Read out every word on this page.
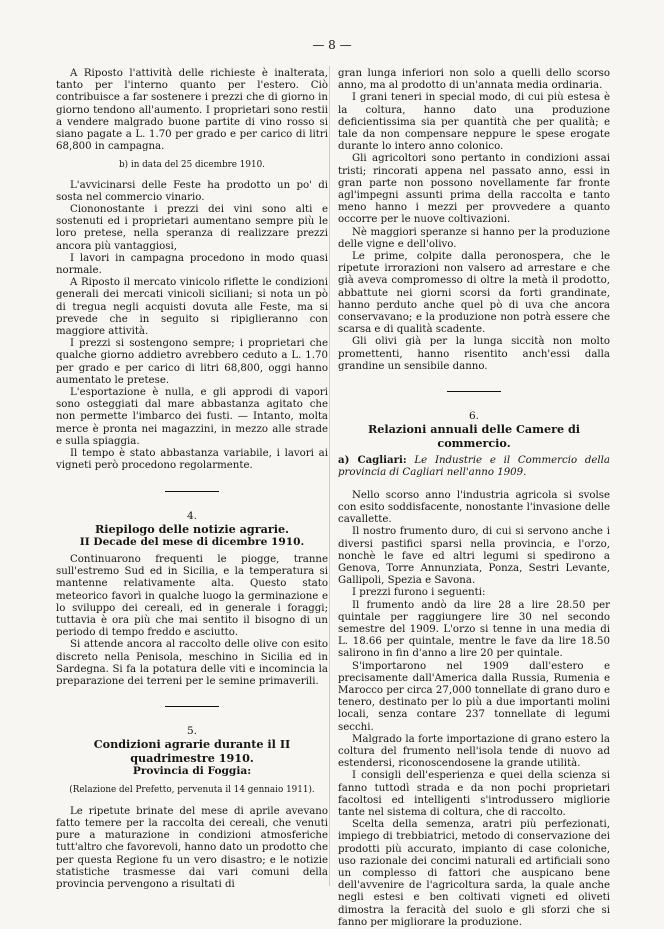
— 8 —

A Riposto l'attività delle richieste è inalterata, tanto per l'interno quanto per l'estero. Ciò contribuisce a far sostenere i prezzi che di giorno in giorno tendono all'aumento. I proprietari sono restii a vendere malgrado buone partite di vino rosso si siano pagate a L. 1.70 per grado e per carico di litri 68,800 in campagna.

b) in data del 25 dicembre 1910.

L'avvicinarsi delle Feste ha prodotto un po' di sosta nel commercio vinario.

Ciononostante i prezzi dei vini sono alti e sostenuti ed i proprietari aumentano sempre più le loro pretese, nella speranza di realizzare prezzi ancora più vantaggiosi,

I lavori in campagna procedono in modo quasi normale.

A Riposto il mercato vinicolo riflette le condizioni generali dei mercati vinicoli siciliani; si nota un pò di tregua negli acquisti dovuta alle Feste, ma si prevede che in seguito si ripiglieranno con maggiore attività.

I prezzi si sostengono sempre; i proprietari che qualche giorno addietro avrebbero ceduto a L. 1.70 per grado e per carico di litri 68,800, oggi hanno aumentato le pretese.

L'esportazione è nulla, e gli approdi di vapori sono osteggiati dal mare abbastanza agitato che non permette l'imbarco dei fusti. — Intanto, molta merce è pronta nei magazzini, in mezzo alle strade e sulla spiaggia.

Il tempo è stato abbastanza variabile, i lavori ai vigneti però procedono regolarmente.

4.

Riepilogo delle notizie agrarie.

II Decade del mese di dicembre 1910.

Continuarono frequenti le piogge, tranne sull'estremo Sud ed in Sicilia, e la temperatura si mantenne relativamente alta. Questo stato meteorico favorì in qualche luogo la germinazione e lo sviluppo dei cereali, ed in generale i foraggi; tuttavia è ora più che mai sentito il bisogno di un periodo di tempo freddo e asciutto.

Si attende ancora al raccolto delle olive con esito discreto nella Penisola, meschino in Sicilia ed in Sardegna. Si fa la potatura delle viti e incomincia la preparazione dei terreni per le semine primaverili.

5.

Condizioni agrarie durante il II quadrimestre 1910.

Provincia di Foggia:

(Relazione del Prefetto, pervenuta il 14 gennaio 1911).

Le ripetute brinate del mese di aprile avevano fatto temere per la raccolta dei cereali, che venuti pure a maturazione in condizioni atmosferiche tutt'altro che favorevoli, hanno dato un prodotto che per questa Regione fu un vero disastro; e le notizie statistiche trasmesse dai vari comuni della provincia pervengono a risultati di

gran lunga inferiori non solo a quelli dello scorso anno, ma al prodotto di un'annata media ordinaria.

I grani teneri in special modo, di cui più estesa è la coltura, hanno dato una produzione deficientissima sia per quantità che per qualità; e tale da non compensare neppure le spese erogate durante lo intero anno colonico.

Gli agricoltori sono pertanto in condizioni assai tristi; rincorati appena nel passato anno, essi in gran parte non possono novellamente far fronte agl'impegni assunti prima della raccolta e tanto meno hanno i mezzi per provvedere a quanto occorre per le nuove coltivazioni.

Nè maggiori speranze si hanno per la produzione delle vigne e dell'olivo.

Le prime, colpite dalla peronospera, che le ripetute irrorazioni non valsero ad arrestare e che già aveva compromesso di oltre la metà il prodotto, abbattute nei giorni scorsi da forti grandinate, hanno perduto anche quel pò di uva che ancora conservavano; e la produzione non potrà essere che scarsa e di qualità scadente.

Gli olivi già per la lunga siccità non molto promettenti, hanno risentito anch'essi dalla grandine un sensibile danno.

6.

Relazioni annuali delle Camere di commercio.

a) Cagliari: Le Industrie e il Commercio della provincia di Cagliari nell'anno 1909.

Nello scorso anno l'industria agricola si svolse con esito soddisfacente, nonostante l'invasione delle cavallette.

Il nostro frumento duro, di cui si servono anche i diversi pastifici sparsi nella provincia, e l'orzo, nonchè le fave ed altri legumi si spedirono a Genova, Torre Annunziata, Ponza, Sestri Levante, Gallipoli, Spezia e Savona.

I prezzi furono i seguenti:

Il frumento andò da lire 28 a lire 28.50 per quintale per raggiungere lire 30 nel secondo semestre del 1909. L'orzo si tenne in una media di L. 18.66 per quintale, mentre le fave da lire 18.50 salirono in fin d'anno a lire 20 per quintale.

S'importarono nel 1909 dall'estero e precisamente dall'America dalla Russia, Rumenia e Marocco per circa 27,000 tonnellate di grano duro e tenero, destinato per lo più a due importanti molini locali, senza contare 237 tonnellate di legumi secchi.

Malgrado la forte importazione di grano estero la coltura del frumento nell'isola tende di nuovo ad estendersi, riconoscendosene la grande utilità.

I consigli dell'esperienza e quei della scienza si fanno tuttodì strada e da non pochi proprietari facoltosi ed intelligenti s'introdussero migliorie tante nel sistema di coltura, che di raccolto.

Scelta della semenza, aratri più perfezionati, impiego di trebbiatrici, metodo di conservazione dei prodotti più accurato, impianto di case coloniche, uso razionale dei concimi naturali ed artificiali sono un complesso di fattori che auspicano bene dell'avvenire de l'agricoltura sarda, la quale anche negli estesi e ben coltivati vigneti ed oliveti dimostra la feracità del suolo e gli sforzi che si fanno per migliorare la produzione.
